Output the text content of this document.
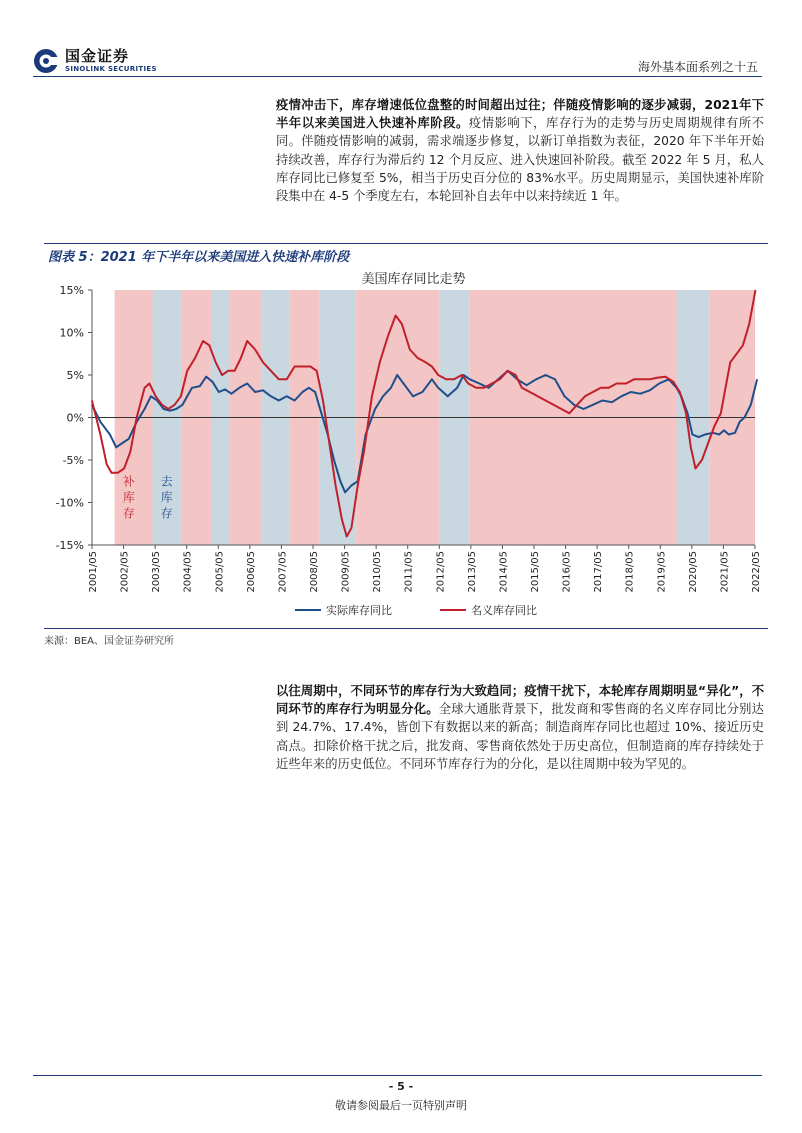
国金证券
SINOLINK SECURITIES	海外基本面系列之十五
疫情冲击下，库存增速低位盘整的时间超出过往；伴随疫情影响的逐步减弱，2021年下半年以来美国进入快速补库阶段。疫情影响下，库存行为的走势与历史周期规律有所不同。伴随疫情影响的减弱，需求端逐步修复，以新订单指数为表征，2020 年下半年开始持续改善，库存行为滞后约 12 个月反应、进入快速回补阶段。截至 2022 年 5 月，私人库存同比已修复至 5%，相当于历史百分位的 83%水平。历史周期显示，美国快速补库阶段集中在 4-5 个季度左右，本轮回补自去年中以来持续近 1 年。
图表 5：2021 年下半年以来美国进入快速补库阶段
美国库存同比走势
15%
10%
5%
0%
-5%
-10%
-15%
2001/05 2002/05 2003/05 2004/05 2005/05 2006/05 2007/05 2008/05 2009/05 2010/05 2011/05 2012/05 2013/05 2014/05 2015/05 2016/05 2017/05 2018/05 2019/05 2020/05 2021/05 2022/05
补库存
去库存
实际库存同比	名义库存同比
来源：BEA、国金证券研究所
以往周期中，不同环节的库存行为大致趋同；疫情干扰下，本轮库存周期明显“异化”，不同环节的库存行为明显分化。全球大通胀背景下，批发商和零售商的名义库存同比分别达到 24.7%、17.4%，皆创下有数据以来的新高；制造商库存同比也超过 10%、接近历史高点。扣除价格干扰之后，批发商、零售商依然处于历史高位，但制造商的库存持续处于近些年来的历史低位。不同环节库存行为的分化，是以往周期中较为罕见的。
- 5 -
敬请参阅最后一页特别声明
